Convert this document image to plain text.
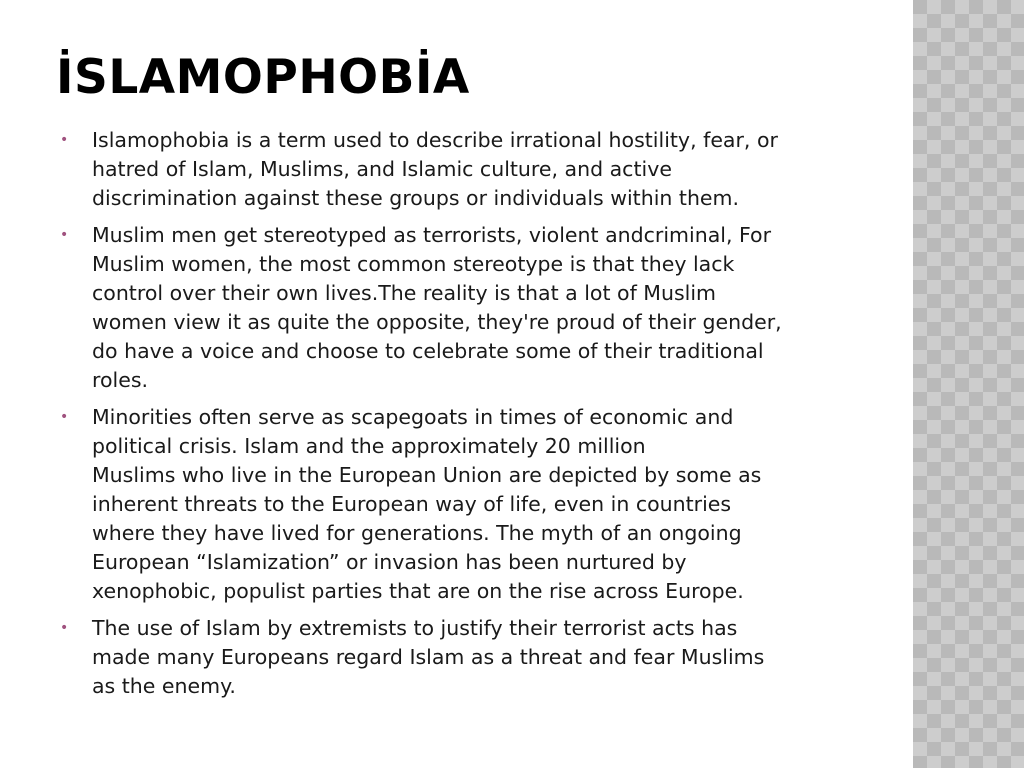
İSLAMOPHOBİA
• Islamophobia is a term used to describe irrational hostility, fear, or
hatred of Islam, Muslims, and Islamic culture, and active
discrimination against these groups or individuals within them.
• Muslim men get stereotyped as terrorists, violent andcriminal, For
Muslim women, the most common stereotype is that they lack
control over their own lives.The reality is that a lot of Muslim
women view it as quite the opposite, they're proud of their gender,
do have a voice and choose to celebrate some of their traditional
roles.
• Minorities often serve as scapegoats in times of economic and
political crisis. Islam and the approximately 20 million
Muslims who live in the European Union are depicted by some as
inherent threats to the European way of life, even in countries
where they have lived for generations. The myth of an ongoing
European “Islamization” or invasion has been nurtured by
xenophobic, populist parties that are on the rise across Europe.
• The use of Islam by extremists to justify their terrorist acts has
made many Europeans regard Islam as a threat and fear Muslims
as the enemy.
